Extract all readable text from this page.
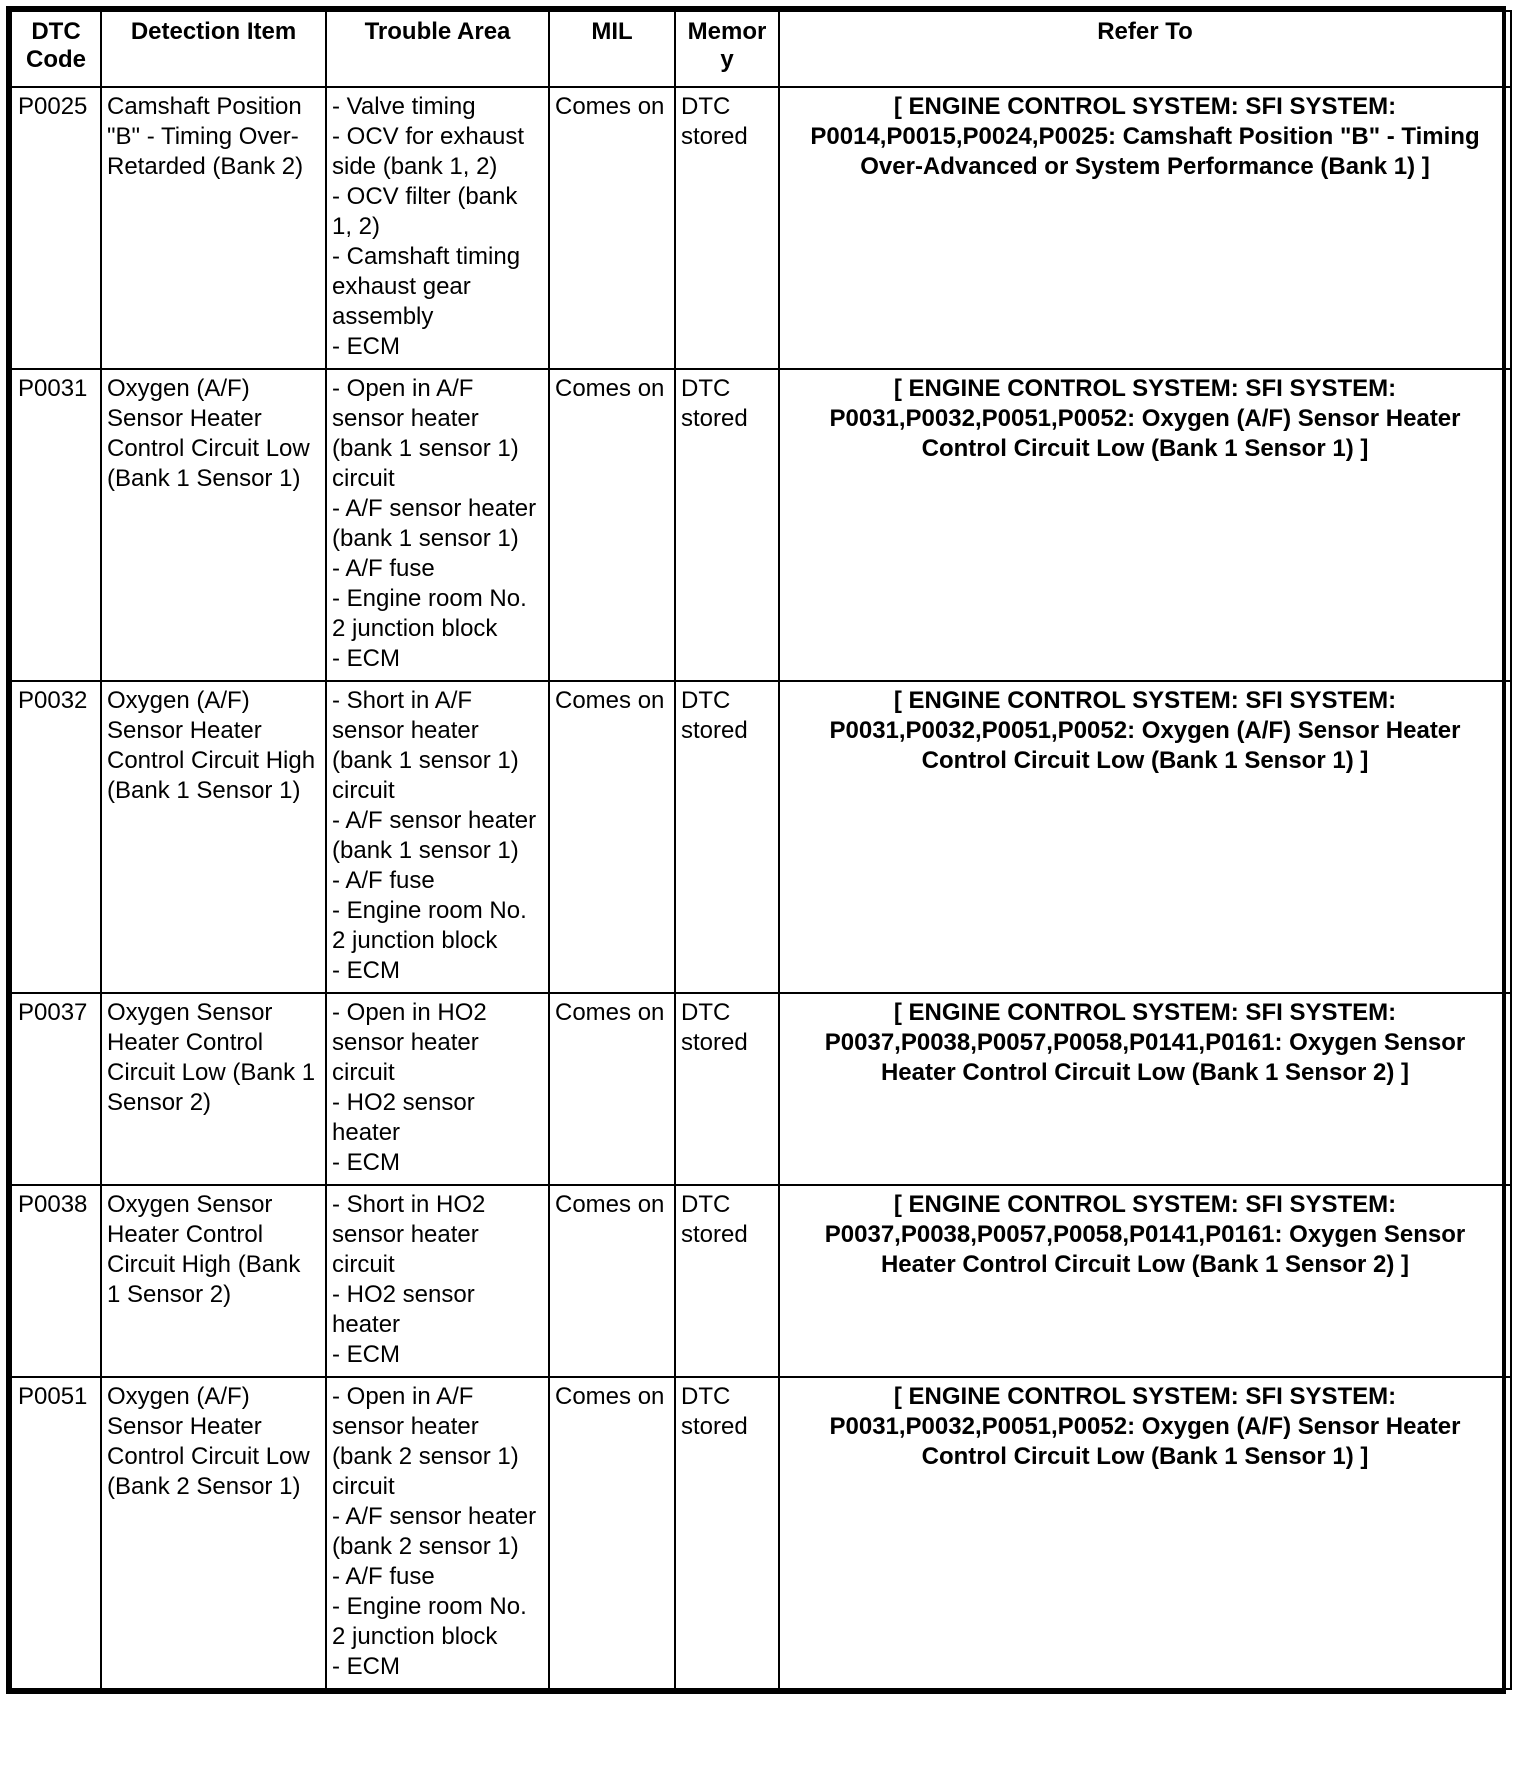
DTC Code	Detection Item	Trouble Area	MIL	Memory	Refer To
P0025	Camshaft Position "B" - Timing Over-Retarded (Bank 2)	- Valve timing
- OCV for exhaust side (bank 1, 2)
- OCV filter (bank 1, 2)
- Camshaft timing exhaust gear assembly
- ECM	Comes on	DTC stored	[ ENGINE CONTROL SYSTEM: SFI SYSTEM: P0014,P0015,P0024,P0025: Camshaft Position "B" - Timing Over-Advanced or System Performance (Bank 1) ]
P0031	Oxygen (A/F) Sensor Heater Control Circuit Low (Bank 1 Sensor 1)	- Open in A/F sensor heater (bank 1 sensor 1) circuit
- A/F sensor heater (bank 1 sensor 1)
- A/F fuse
- Engine room No. 2 junction block
- ECM	Comes on	DTC stored	[ ENGINE CONTROL SYSTEM: SFI SYSTEM: P0031,P0032,P0051,P0052: Oxygen (A/F) Sensor Heater Control Circuit Low (Bank 1 Sensor 1) ]
P0032	Oxygen (A/F) Sensor Heater Control Circuit High (Bank 1 Sensor 1)	- Short in A/F sensor heater (bank 1 sensor 1) circuit
- A/F sensor heater (bank 1 sensor 1)
- A/F fuse
- Engine room No. 2 junction block
- ECM	Comes on	DTC stored	[ ENGINE CONTROL SYSTEM: SFI SYSTEM: P0031,P0032,P0051,P0052: Oxygen (A/F) Sensor Heater Control Circuit Low (Bank 1 Sensor 1) ]
P0037	Oxygen Sensor Heater Control Circuit Low (Bank 1 Sensor 2)	- Open in HO2 sensor heater circuit
- HO2 sensor heater
- ECM	Comes on	DTC stored	[ ENGINE CONTROL SYSTEM: SFI SYSTEM: P0037,P0038,P0057,P0058,P0141,P0161: Oxygen Sensor Heater Control Circuit Low (Bank 1 Sensor 2) ]
P0038	Oxygen Sensor Heater Control Circuit High (Bank 1 Sensor 2)	- Short in HO2 sensor heater circuit
- HO2 sensor heater
- ECM	Comes on	DTC stored	[ ENGINE CONTROL SYSTEM: SFI SYSTEM: P0037,P0038,P0057,P0058,P0141,P0161: Oxygen Sensor Heater Control Circuit Low (Bank 1 Sensor 2) ]
P0051	Oxygen (A/F) Sensor Heater Control Circuit Low (Bank 2 Sensor 1)	- Open in A/F sensor heater (bank 2 sensor 1) circuit
- A/F sensor heater (bank 2 sensor 1)
- A/F fuse
- Engine room No. 2 junction block
- ECM	Comes on	DTC stored	[ ENGINE CONTROL SYSTEM: SFI SYSTEM: P0031,P0032,P0051,P0052: Oxygen (A/F) Sensor Heater Control Circuit Low (Bank 1 Sensor 1) ]
